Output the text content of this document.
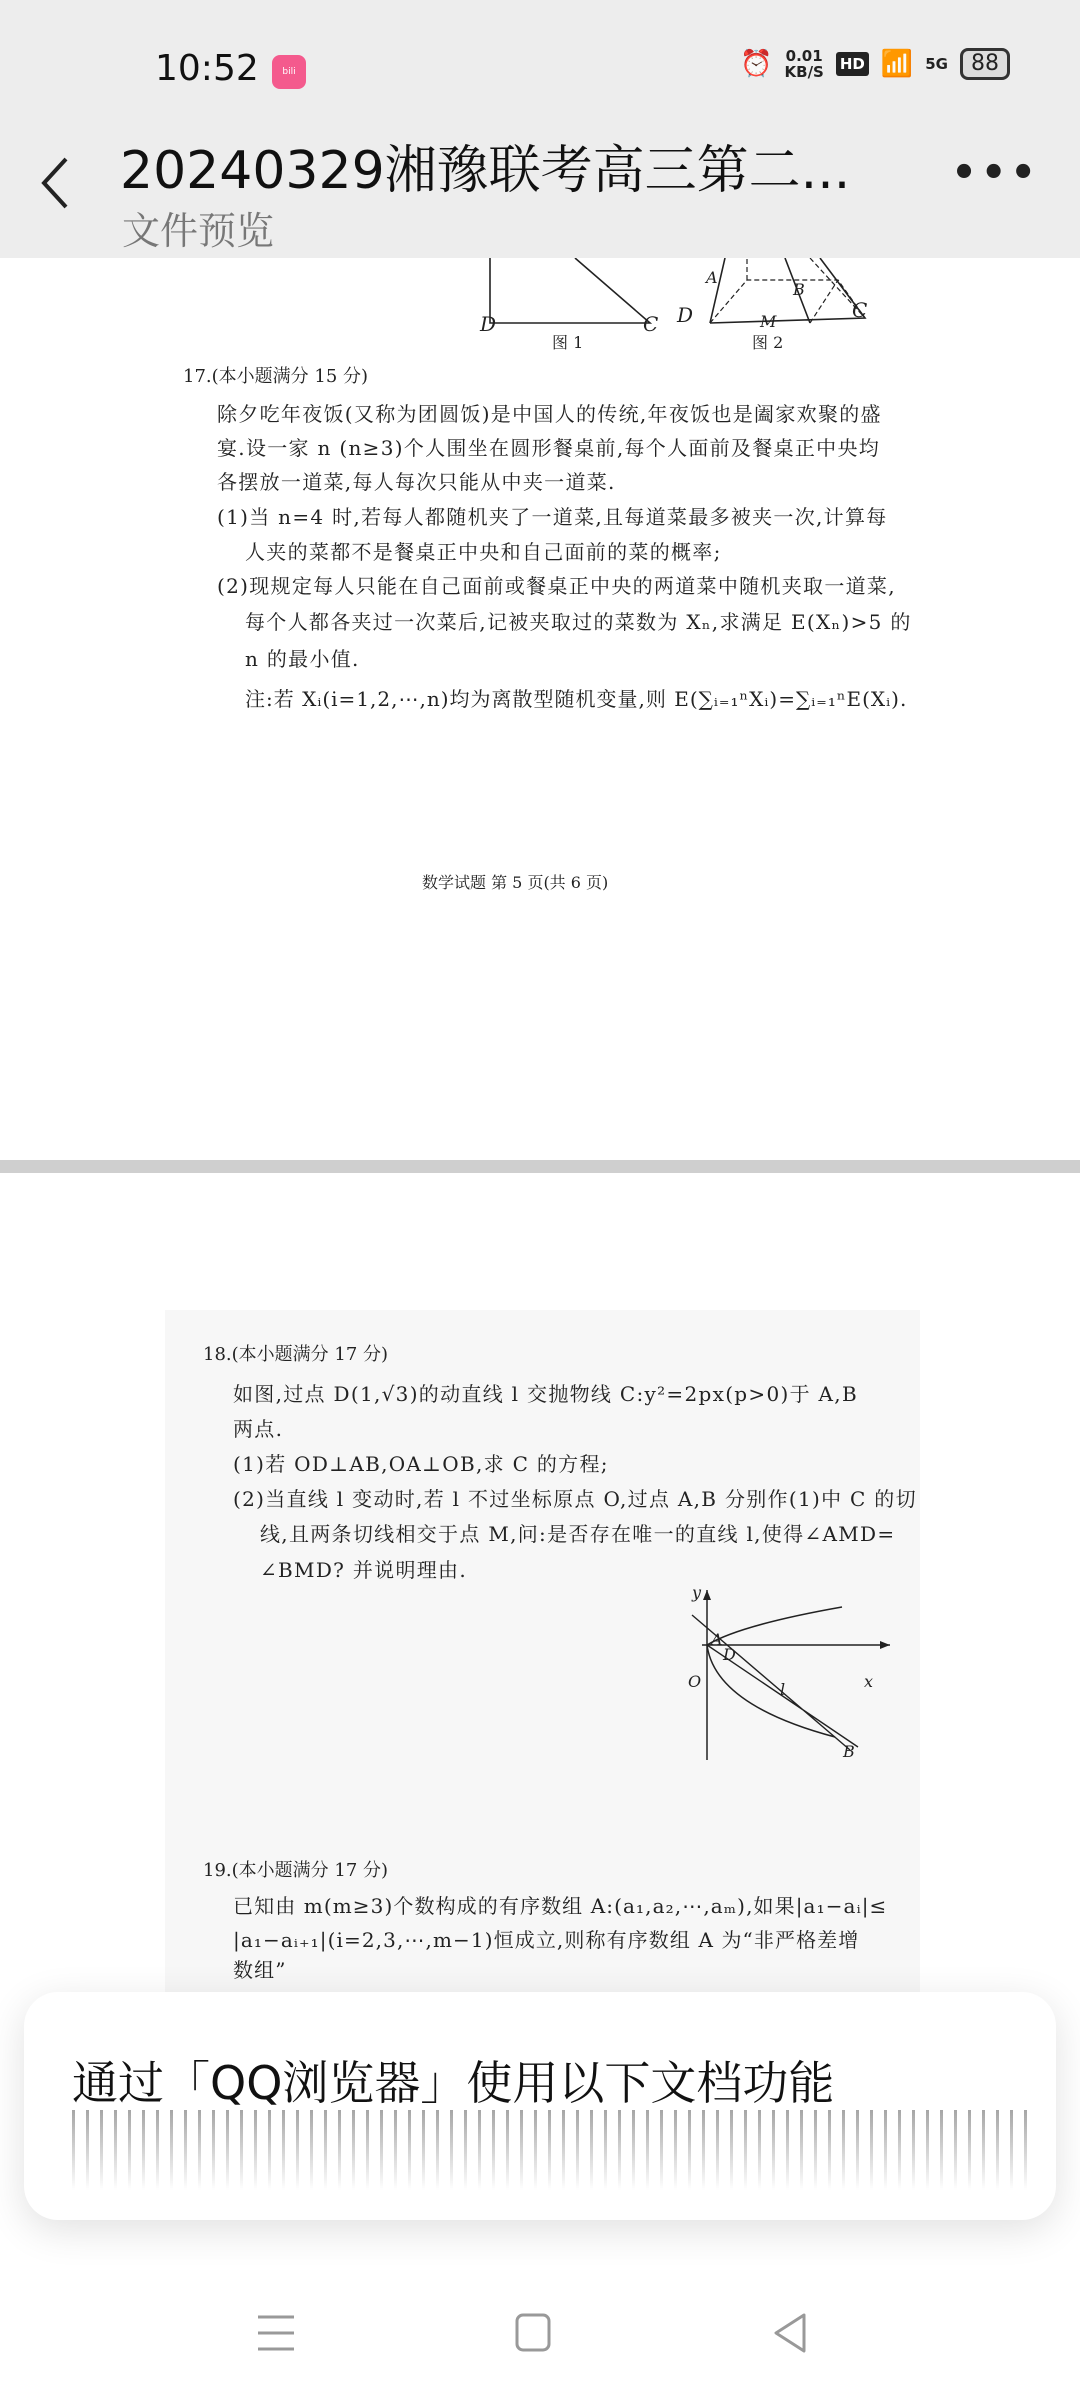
10:52	bili	⏰ 0.01
KB/S HD 📶 5G	88
20240329湘豫联考高三第二...
文件预览
•••
D	C
图 1
A
B
D	M	C
图 2
17.(本小题满分 15 分)
除夕吃年夜饭(又称为团圆饭)是中国人的传统,年夜饭也是阖家欢聚的盛
宴.设一家 n (n≥3)个人围坐在圆形餐桌前,每个人面前及餐桌正中央均
各摆放一道菜,每人每次只能从中夹一道菜.
(1)当 n=4 时,若每人都随机夹了一道菜,且每道菜最多被夹一次,计算每
人夹的菜都不是餐桌正中央和自己面前的菜的概率;
(2)现规定每人只能在自己面前或餐桌正中央的两道菜中随机夹取一道菜,
每个人都各夹过一次菜后,记被夹取过的菜数为 Xₙ,求满足 E(Xₙ)>5 的
n 的最小值.
注:若 Xᵢ(i=1,2,⋯,n)均为离散型随机变量,则 E(∑ᵢ₌₁ⁿXᵢ)=∑ᵢ₌₁ⁿE(Xᵢ).
数学试题 第 5 页(共 6 页)
18.(本小题满分 17 分)
如图,过点 D(1,√3)的动直线 l 交抛物线 C:y²=2px(p>0)于 A,B
两点.
(1)若 OD⊥AB,OA⊥OB,求 C 的方程;
(2)当直线 l 变动时,若 l 不过坐标原点 O,过点 A,B 分别作(1)中 C 的切
线,且两条切线相交于点 M,问:是否存在唯一的直线 l,使得∠AMD=
∠BMD? 并说明理由.
y
x
O
A
D
l
B
19.(本小题满分 17 分)
已知由 m(m≥3)个数构成的有序数组 A:(a₁,a₂,⋯,aₘ),如果|a₁−aᵢ|≤
|a₁−aᵢ₊₁|(i=2,3,⋯,m−1)恒成立,则称有序数组 A 为“非严格差增
数组”
通过「QQ浏览器」使用以下文档功能
